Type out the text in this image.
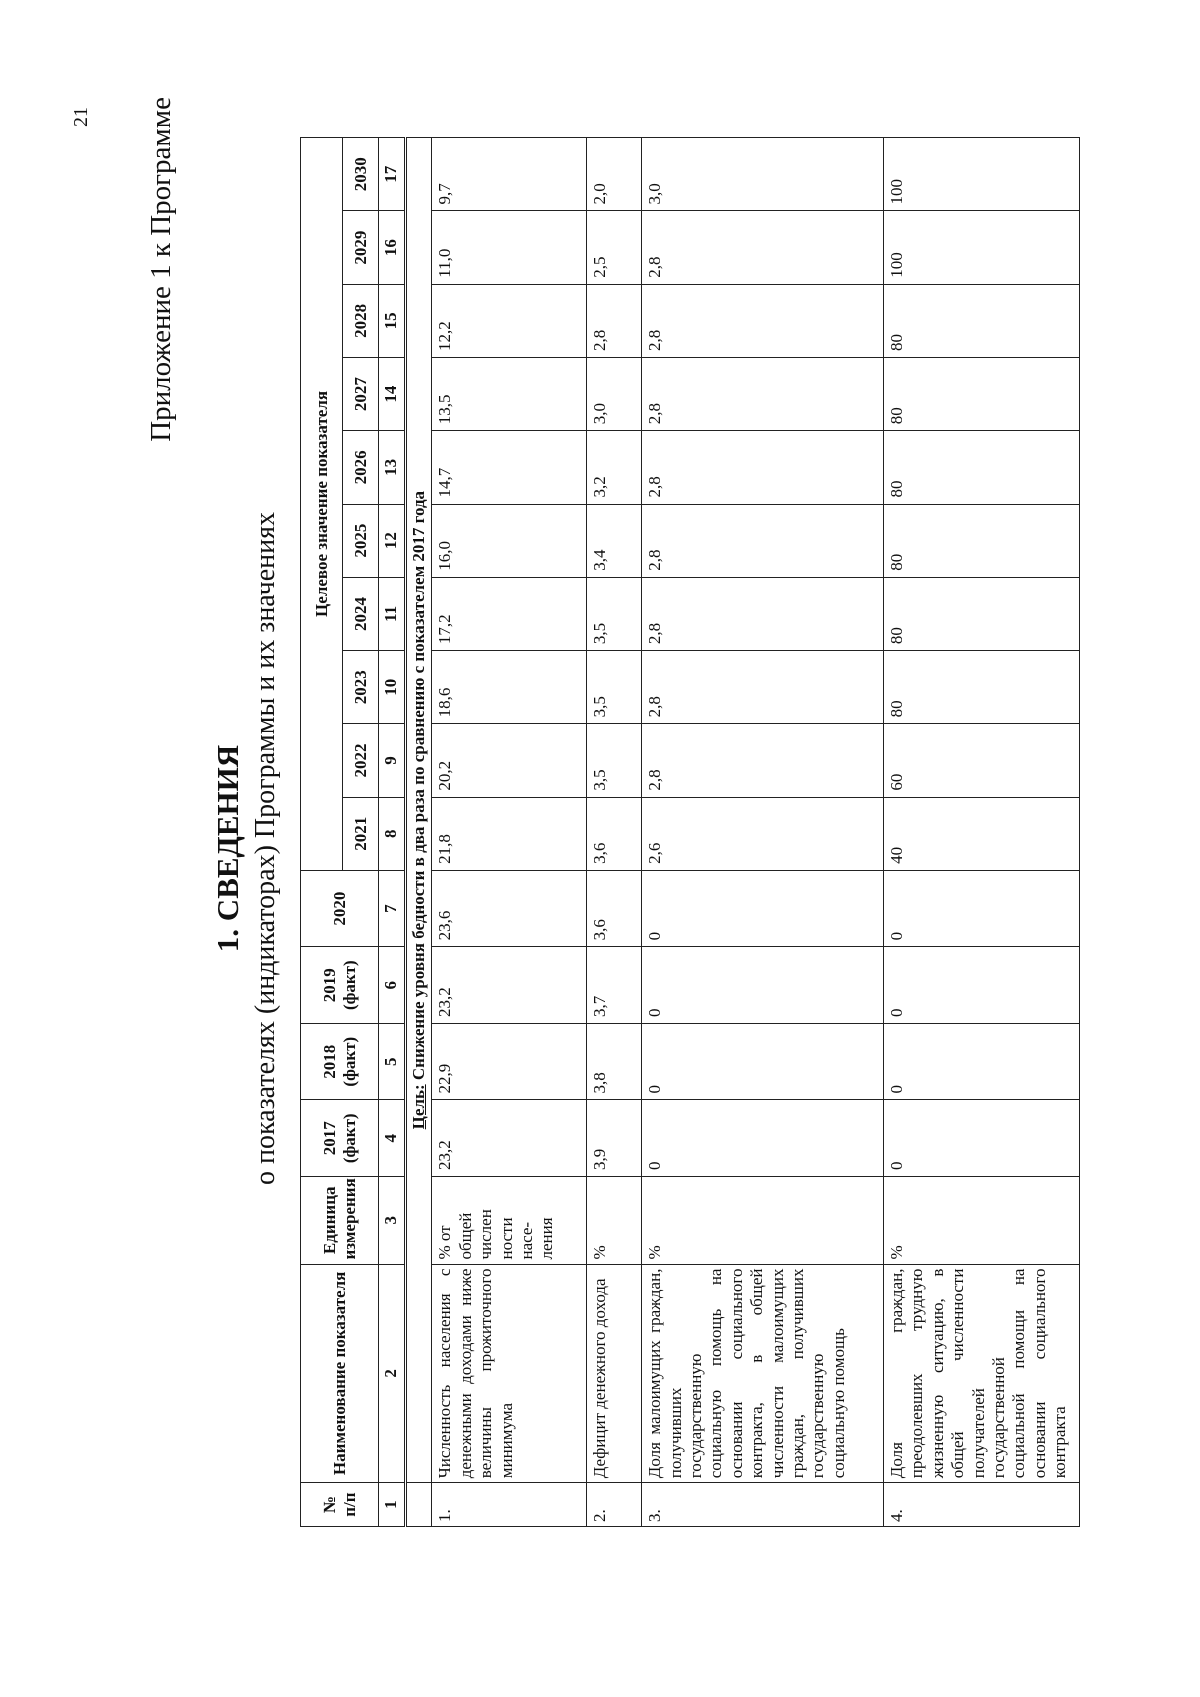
21 Приложение 1 к Программе
1. СВЕДЕНИЯ о показателях (индикаторах) Программы и их значениях
№ п/п	Наименование показателя	Единица измерения	2017 (факт)	2018 (факт)	2019 (факт)	2020	Целевое значение показателя									
							2021	2022	2023	2024	2025	2026	2027	2028	2029	2030
1	2	3	4	5	6	7	8	9	10	11	12	13	14	15	16	17
	Цель: Снижение уровня бедности в два раза по сравнению с показателем 2017 года															
1.	Численность населения с денежными доходами ниже величины прожиточного минимума	% от общей числен ности насе- ления	23,2	22,9	23,2	23,6	21,8	20,2	18,6	17,2	16,0	14,7	13,5	12,2	11,0	9,7
2.	Дефицит денежного дохода	%	3,9	3,8	3,7	3,6	3,6	3,5	3,5	3,5	3,4	3,2	3,0	2,8	2,5	2,0
3.	Доля малоимущих граждан, получивших государственную социальную помощь на основании социального контракта, в общей численности малоимущих граждан, получивших государственную социальную помощь	%	0	0	0	0	2,6	2,8	2,8	2,8	2,8	2,8	2,8	2,8	2,8	3,0
4.	Доля граждан, преодолевших трудную жизненную ситуацию, в общей численности получателей государственной социальной помощи на основании социального контракта	%	0	0	0	0	40	60	80	80	80	80	80	80	100	100
